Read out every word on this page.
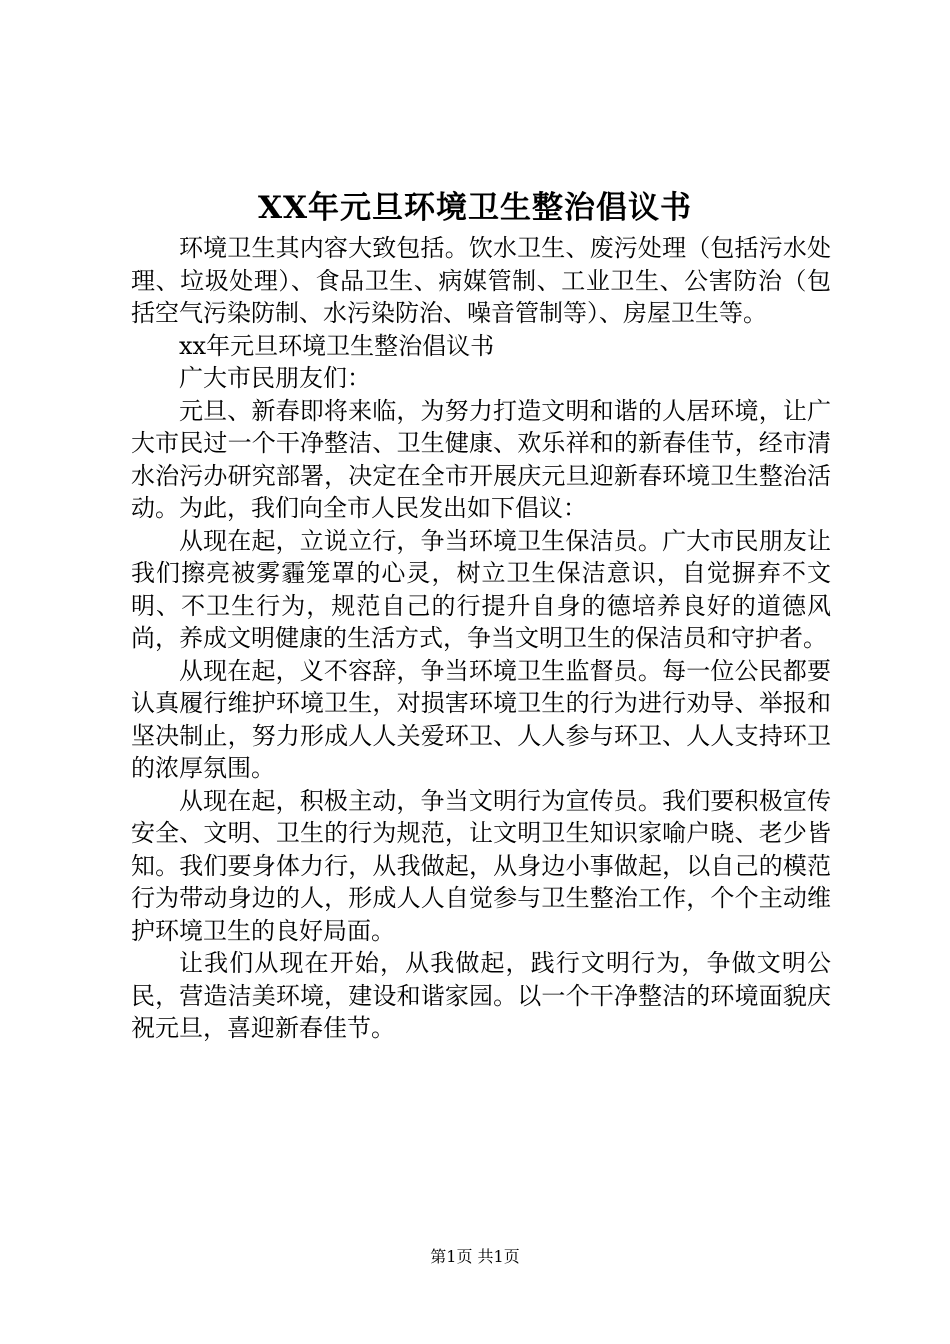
XX年元旦环境卫生整治倡议书

环境卫生其内容大致包括。饮水卫生、废污处理（包括污水处理、垃圾处理）、食品卫生、病媒管制、工业卫生、公害防治（包括空气污染防制、水污染防治、噪音管制等）、房屋卫生等。

xx年元旦环境卫生整治倡议书

广大市民朋友们：

元旦、新春即将来临，为努力打造文明和谐的人居环境，让广大市民过一个干净整洁、卫生健康、欢乐祥和的新春佳节，经市清水治污办研究部署，决定在全市开展庆元旦迎新春环境卫生整治活动。为此，我们向全市人民发出如下倡议：

从现在起，立说立行，争当环境卫生保洁员。广大市民朋友让我们擦亮被雾霾笼罩的心灵，树立卫生保洁意识，自觉摒弃不文明、不卫生行为，规范自己的行提升自身的德培养良好的道德风尚，养成文明健康的生活方式，争当文明卫生的保洁员和守护者。

从现在起，义不容辞，争当环境卫生监督员。每一位公民都要认真履行维护环境卫生，对损害环境卫生的行为进行劝导、举报和坚决制止，努力形成人人关爱环卫、人人参与环卫、人人支持环卫的浓厚氛围。

从现在起，积极主动，争当文明行为宣传员。我们要积极宣传安全、文明、卫生的行为规范，让文明卫生知识家喻户晓、老少皆知。我们要身体力行，从我做起，从身边小事做起，以自己的模范行为带动身边的人，形成人人自觉参与卫生整治工作，个个主动维护环境卫生的良好局面。

让我们从现在开始，从我做起，践行文明行为，争做文明公民，营造洁美环境，建设和谐家园。以一个干净整洁的环境面貌庆祝元旦，喜迎新春佳节。

第1页 共1页
